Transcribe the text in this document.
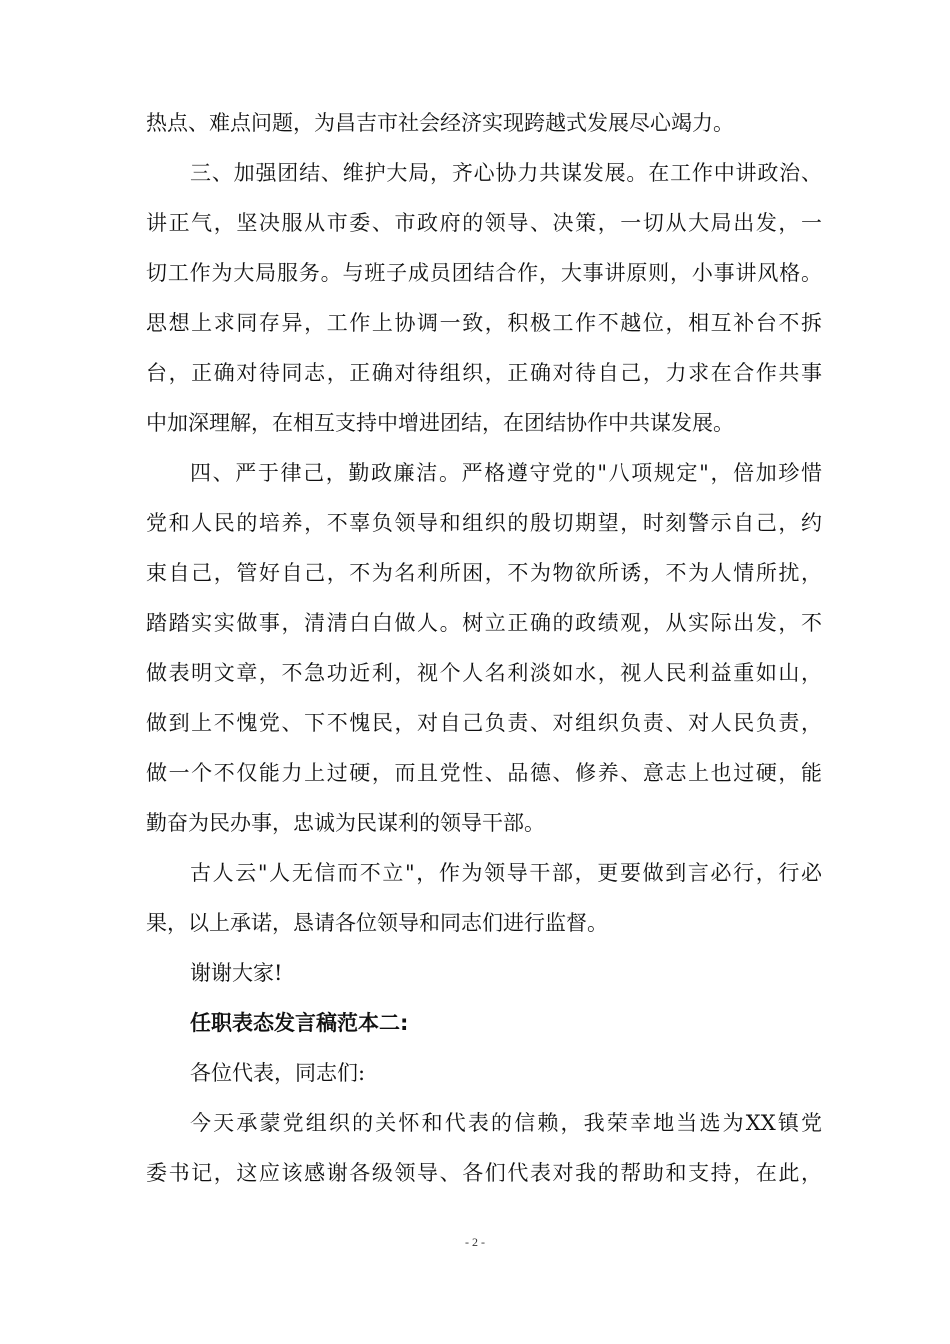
热点、难点问题，为昌吉市社会经济实现跨越式发展尽心竭力。
三、加强团结、维护大局，齐心协力共谋发展。在工作中讲政治、
讲正气，坚决服从市委、市政府的领导、决策，一切从大局出发，一
切工作为大局服务。与班子成员团结合作，大事讲原则，小事讲风格。
思想上求同存异，工作上协调一致，积极工作不越位，相互补台不拆
台，正确对待同志，正确对待组织，正确对待自己，力求在合作共事
中加深理解，在相互支持中增进团结，在团结协作中共谋发展。
四、严于律己，勤政廉洁。严格遵守党的"八项规定"，倍加珍惜
党和人民的培养，不辜负领导和组织的殷切期望，时刻警示自己，约
束自己，管好自己，不为名利所困，不为物欲所诱，不为人情所扰，
踏踏实实做事，清清白白做人。树立正确的政绩观，从实际出发，不
做表明文章，不急功近利，视个人名利淡如水，视人民利益重如山，
做到上不愧党、下不愧民，对自己负责、对组织负责、对人民负责，
做一个不仅能力上过硬，而且党性、品德、修养、意志上也过硬，能
勤奋为民办事，忠诚为民谋利的领导干部。
古人云"人无信而不立"，作为领导干部，更要做到言必行，行必
果，以上承诺，恳请各位领导和同志们进行监督。
谢谢大家!
任职表态发言稿范本二:
各位代表，同志们:
今天承蒙党组织的关怀和代表的信赖，我荣幸地当选为XX镇党
委书记，这应该感谢各级领导、各们代表对我的帮助和支持，在此，
- 2 -
